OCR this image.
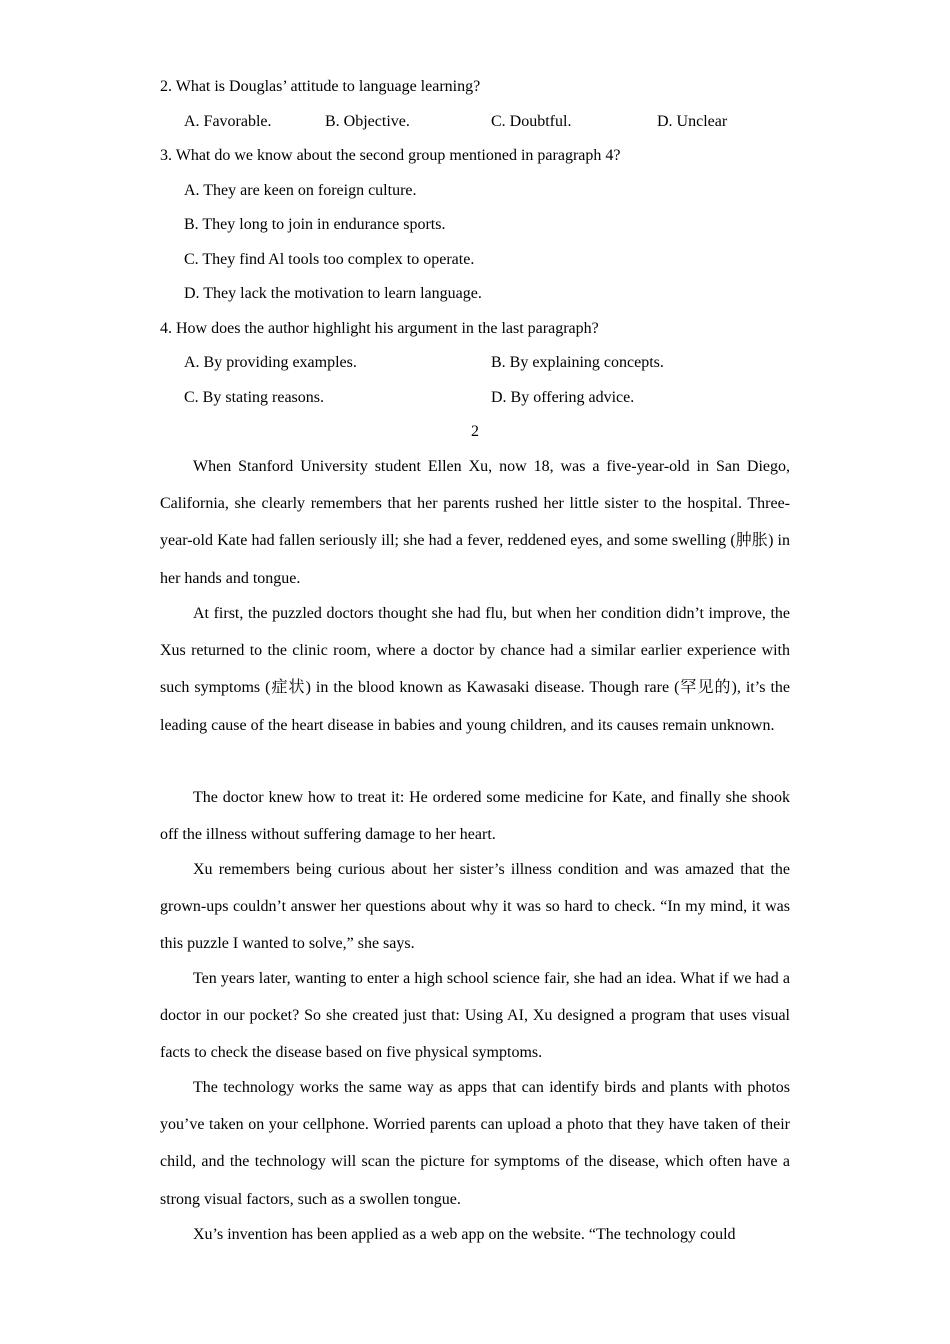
2. What is Douglas’ attitude to language learning?
A. Favorable.	B. Objective.	C. Doubtful.	D. Unclear
3. What do we know about the second group mentioned in paragraph 4?
A. They are keen on foreign culture.
B. They long to join in endurance sports.
C. They find Al tools too complex to operate.
D. They lack the motivation to learn language.
4. How does the author highlight his argument in the last paragraph?
A. By providing examples.	B. By explaining concepts.
C. By stating reasons.	D. By offering advice.
2

When Stanford University student Ellen Xu, now 18, was a five-year-old in San Diego, California, she clearly remembers that her parents rushed her little sister to the hospital. Three-year-old Kate had fallen seriously ill; she had a fever, reddened eyes, and some swelling (肿胀) in her hands and tongue.

At first, the puzzled doctors thought she had flu, but when her condition didn’t improve, the Xus returned to the clinic room, where a doctor by chance had a similar earlier experience with such symptoms (症状) in the blood known as Kawasaki disease. Though rare (罕见的), it’s the leading cause of the heart disease in babies and young children, and its causes remain unknown.

The doctor knew how to treat it: He ordered some medicine for Kate, and finally she shook off the illness without suffering damage to her heart.

Xu remembers being curious about her sister’s illness condition and was amazed that the grown-ups couldn’t answer her questions about why it was so hard to check. “In my mind, it was this puzzle I wanted to solve,” she says.

Ten years later, wanting to enter a high school science fair, she had an idea. What if we had a doctor in our pocket? So she created just that: Using AI, Xu designed a program that uses visual facts to check the disease based on five physical symptoms.

The technology works the same way as apps that can identify birds and plants with photos you’ve taken on your cellphone. Worried parents can upload a photo that they have taken of their child, and the technology will scan the picture for symptoms of the disease, which often have a strong visual factors, such as a swollen tongue.

Xu’s invention has been applied as a web app on the website. “The technology could
